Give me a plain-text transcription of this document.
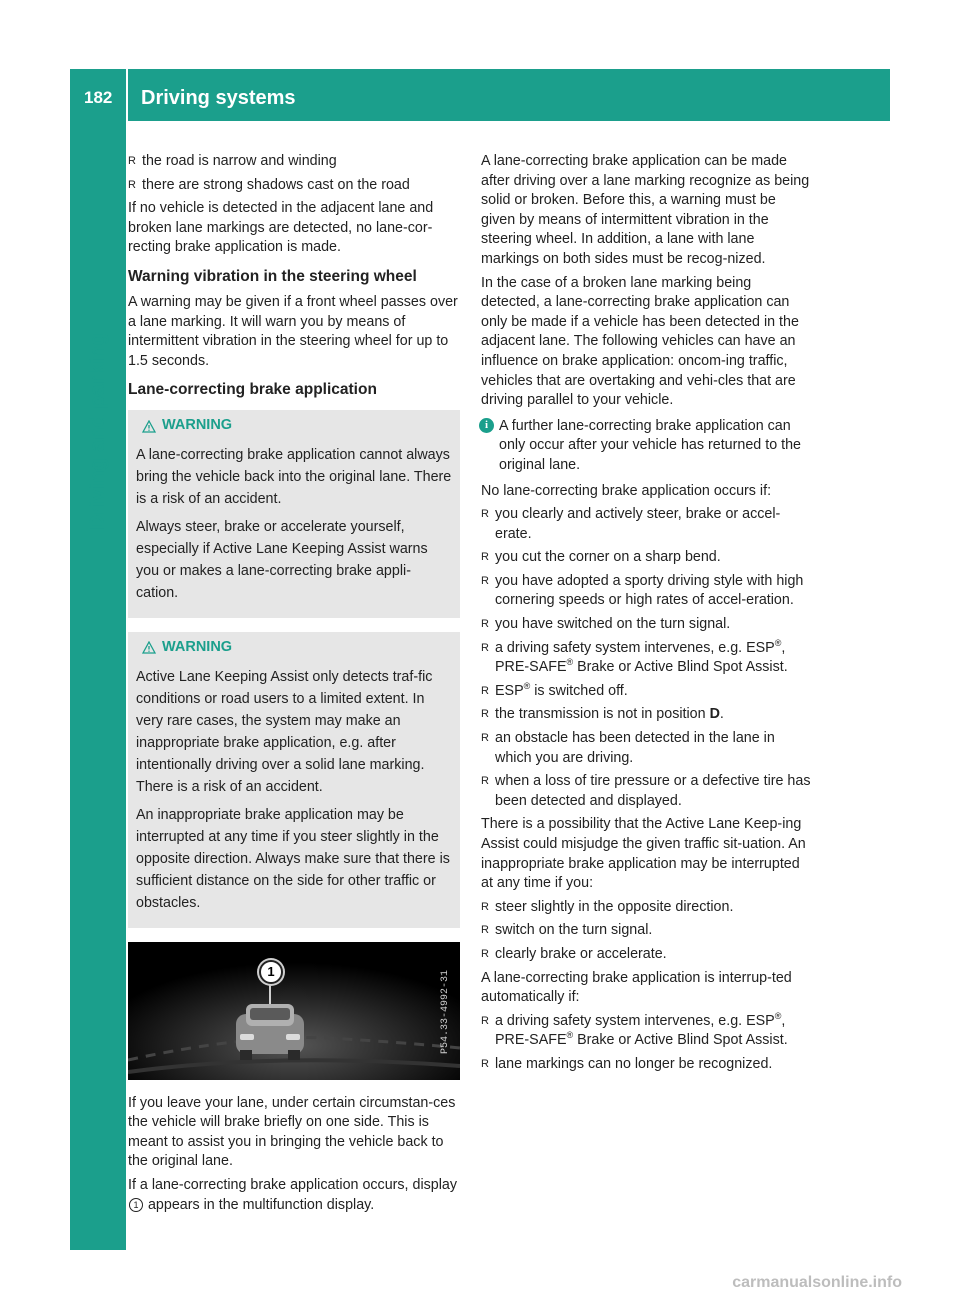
182 Driving systems
Driving and parking
R the road is narrow and winding
R there are strong shadows cast on the road

If no vehicle is detected in the adjacent lane and broken lane markings are detected, no lane-cor-recting brake application is made.

Warning vibration in the steering wheel

A warning may be given if a front wheel passes over a lane marking. It will warn you by means of intermittent vibration in the steering wheel for up to 1.5 seconds.

Lane-correcting brake application
WARNING

A lane-correcting brake application cannot always bring the vehicle back into the original lane. There is a risk of an accident.

Always steer, brake or accelerate yourself, especially if Active Lane Keeping Assist warns you or makes a lane-correcting brake appli-cation.

WARNING

Active Lane Keeping Assist only detects traf-fic conditions or road users to a limited extent. In very rare cases, the system may make an inappropriate brake application, e.g. after intentionally driving over a solid lane marking. There is a risk of an accident.

An inappropriate brake application may be interrupted at any time if you steer slightly in the opposite direction. Always make sure that there is sufficient distance on the side for other traffic or obstacles.

1	P54.33-4992-31

If you leave your lane, under certain circumstan-ces the vehicle will brake briefly on one side. This is meant to assist you in bringing the vehicle back to the original lane.

If a lane-correcting brake application occurs, display 1 appears in the multifunction display.

A lane-correcting brake application can be made after driving over a lane marking recognize as being solid or broken. Before this, a warning must be given by means of intermittent vibration in the steering wheel. In addition, a lane with lane markings on both sides must be recog-nized.

In the case of a broken lane marking being detected, a lane-correcting brake application can only be made if a vehicle has been detected in the adjacent lane. The following vehicles can have an influence on brake application: oncom-ing traffic, vehicles that are overtaking and vehi-cles that are driving parallel to your vehicle.

i A further lane-correcting brake application can only occur after your vehicle has returned to the original lane.

No lane-correcting brake application occurs if:

R you clearly and actively steer, brake or accel-erate.
R you cut the corner on a sharp bend.
R you have adopted a sporty driving style with high cornering speeds or high rates of accel-eration.
R you have switched on the turn signal.
R a driving safety system intervenes, e.g. ESP®, PRE-SAFE® Brake or Active Blind Spot Assist.
R ESP® is switched off.
R the transmission is not in position D.
R an obstacle has been detected in the lane in which you are driving.
R when a loss of tire pressure or a defective tire has been detected and displayed.

There is a possibility that the Active Lane Keep-ing Assist could misjudge the given traffic sit-uation. An inappropriate brake application may be interrupted at any time if you:

R steer slightly in the opposite direction.
R switch on the turn signal.
R clearly brake or accelerate.

A lane-correcting brake application is interrup-ted automatically if:

R a driving safety system intervenes, e.g. ESP®, PRE-SAFE® Brake or Active Blind Spot Assist.
R lane markings can no longer be recognized.
carmanualsonline.info
